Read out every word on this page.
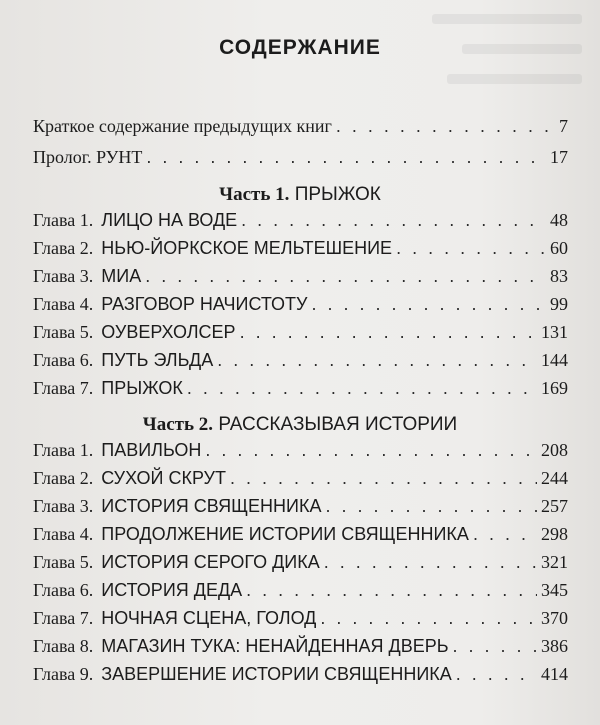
СОДЕРЖАНИЕ
Краткое содержание предыдущих книг . . .	7
Пролог. РУНТ . . .	17
Часть 1. ПРЫЖОК
Глава 1. ЛИЦО НА ВОДЕ . . .	48
Глава 2. НЬЮ-ЙОРКСКОЕ МЕЛЬТЕШЕНИЕ . . .	60
Глава 3. МИА . . .	83
Глава 4. РАЗГОВОР НАЧИСТОТУ . . .	99
Глава 5. ОУВЕРХОЛСЕР . . .	131
Глава 6. ПУТЬ ЭЛЬДА . . .	144
Глава 7. ПРЫЖОК . . .	169
Часть 2. РАССКАЗЫВАЯ ИСТОРИИ
Глава 1. ПАВИЛЬОН . . .	208
Глава 2. СУХОЙ СКРУТ . . .	244
Глава 3. ИСТОРИЯ СВЯЩЕННИКА . . .	257
Глава 4. ПРОДОЛЖЕНИЕ ИСТОРИИ СВЯЩЕННИКА . . .	298
Глава 5. ИСТОРИЯ СЕРОГО ДИКА . . .	321
Глава 6. ИСТОРИЯ ДЕДА . . .	345
Глава 7. НОЧНАЯ СЦЕНА, ГОЛОД . . .	370
Глава 8. МАГАЗИН ТУКА: НЕНАЙДЕННАЯ ДВЕРЬ . . .	386
Глава 9. ЗАВЕРШЕНИЕ ИСТОРИИ СВЯЩЕННИКА . . .	414
